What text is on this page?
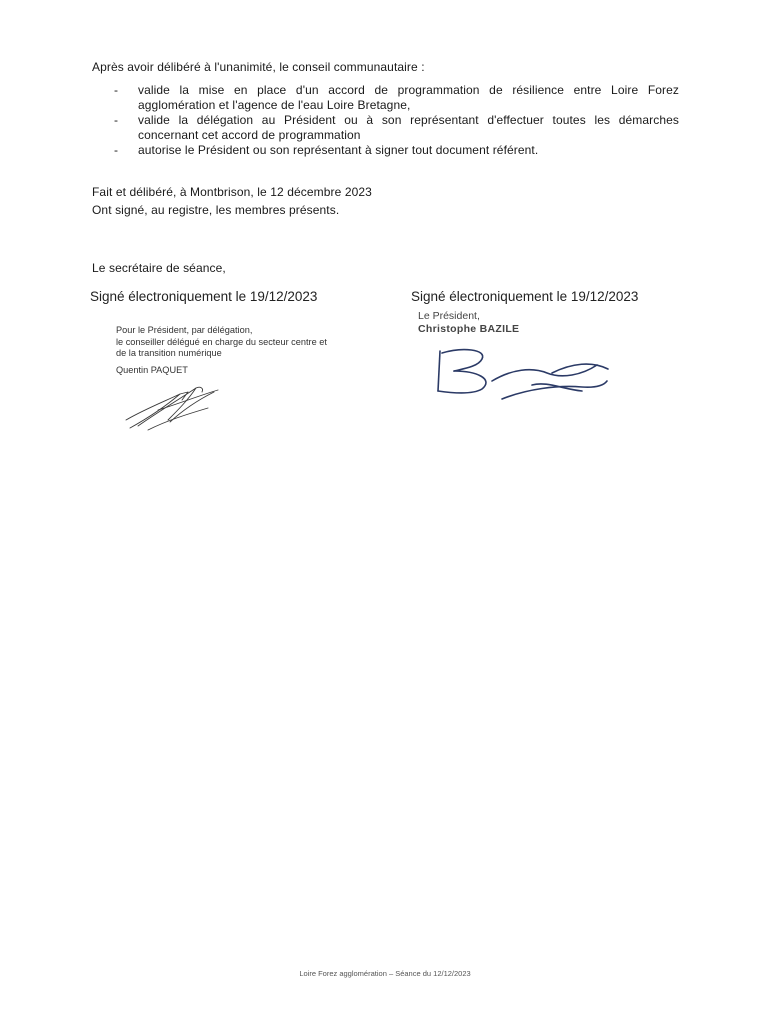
Après avoir délibéré à l'unanimité, le conseil communautaire :
- valide la mise en place d'un accord de programmation de résilience entre Loire Forez agglomération et l'agence de l'eau Loire Bretagne,
- valide la délégation au Président ou à son représentant d'effectuer toutes les démarches concernant cet accord de programmation
- autorise le Président ou son représentant à signer tout document référent.
Fait et délibéré, à Montbrison, le 12 décembre 2023
Ont signé, au registre, les membres présents.
Le secrétaire de séance,
Signé électroniquement le 19/12/2023	Signé électroniquement le 19/12/2023
Pour le Président, par délégation,
le conseiller délégué en charge du secteur centre et
de la transition numérique
Quentin PAQUET
Le Président,
Christophe BAZILE
Loire Forez agglomération – Séance du 12/12/2023
